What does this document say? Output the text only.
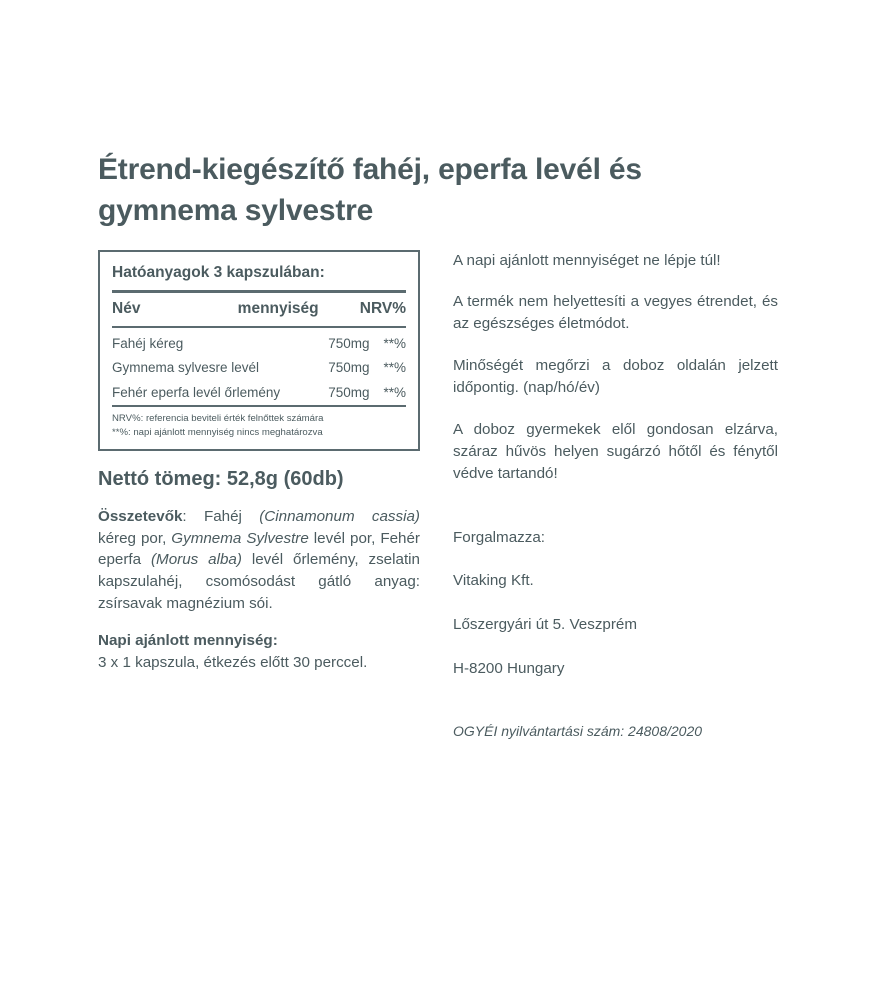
Étrend-kiegészítő fahéj, eperfa levél és gymnema sylvestre
Hatóanyagok 3 kapszulában:
Név	mennyiség	NRV%
Fahéj kéreg	750mg	**%
Gymnema sylvesre levél	750mg	**%
Fehér eperfa levél őrlemény	750mg	**%
NRV%: referencia beviteli érték felnőttek számára
**%: napi ajánlott mennyiség nincs meghatározva
Nettó tömeg: 52,8g (60db)

Összetevők: Fahéj (Cinnamonum cassia) kéreg por, Gymnema Sylvestre levél por, Fehér eperfa (Morus alba) levél őrlemény, zselatin kapszulahéj, csomósodást gátló anyag: zsírsavak magnézium sói.

Napi ajánlott mennyiség:
3 x 1 kapszula, étkezés előtt 30 perccel.

A napi ajánlott mennyiséget ne lépje túl!

A termék nem helyettesíti a vegyes étrendet, és az egészséges életmódot.

Minőségét megőrzi a doboz oldalán jelzett időpontig. (nap/hó/év)

A doboz gyermekek elől gondosan elzárva, száraz hűvös helyen sugárzó hőtől és fénytől védve tartandó!

Forgalmazza:

Vitaking Kft.

Lőszergyári út 5. Veszprém

H-8200 Hungary

OGYÉI nyilvántartási szám: 24808/2020
